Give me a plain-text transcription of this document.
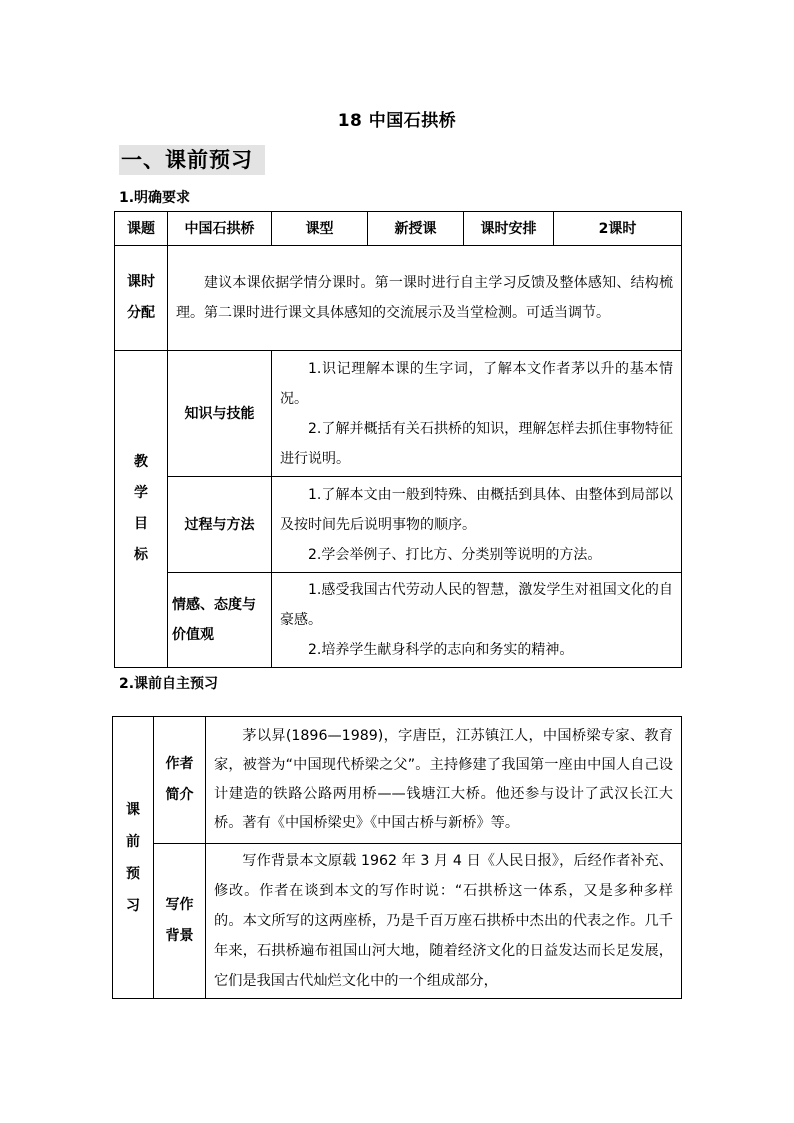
18 中国石拱桥
一、课前预习
1.明确要求
课题	中国石拱桥	课型	新授课	课时安排	2课时

课时
分配	建议本课依据学情分课时。第一课时进行自主学习反馈及整体感知、结构梳理。第二课时进行课文具体感知的交流展示及当堂检测。可适当调节。				

教
学
目
标	知识与技能	1.识记理解本课的生字词，了解本文作者茅以升的基本情况。
2.了解并概括有关石拱桥的知识，理解怎样去抓住事物特征进行说明。			

	过程与方法	1.了解本文由一般到特殊、由概括到具体、由整体到局部以及按时间先后说明事物的顺序。
2.学会举例子、打比方、分类别等说明的方法。			

	情感、态度与价值观	1.感受我国古代劳动人民的智慧，激发学生对祖国文化的自豪感。
2.培养学生献身科学的志向和务实的精神。			
2.课前自主预习
课
前
预
习	作者
简介	茅以昇(1896—1989)，字唐臣，江苏镇江人，中国桥梁专家、教育家，被誉为“中国现代桥梁之父”。主持修建了我国第一座由中国人自己设计建造的铁路公路两用桥——钱塘江大桥。他还参与设计了武汉长江大桥。著有《中国桥梁史》《中国古桥与新桥》等。

	写作
背景	写作背景本文原载 1962 年 3 月 4 日《人民日报》，后经作者补充、修改。作者在谈到本文的写作时说：“石拱桥这一体系，又是多种多样的。本文所写的这两座桥，乃是千百万座石拱桥中杰出的代表之作。几千年来，石拱桥遍布祖国山河大地，随着经济文化的日益发达而长足发展，它们是我国古代灿烂文化中的一个组成部分，
